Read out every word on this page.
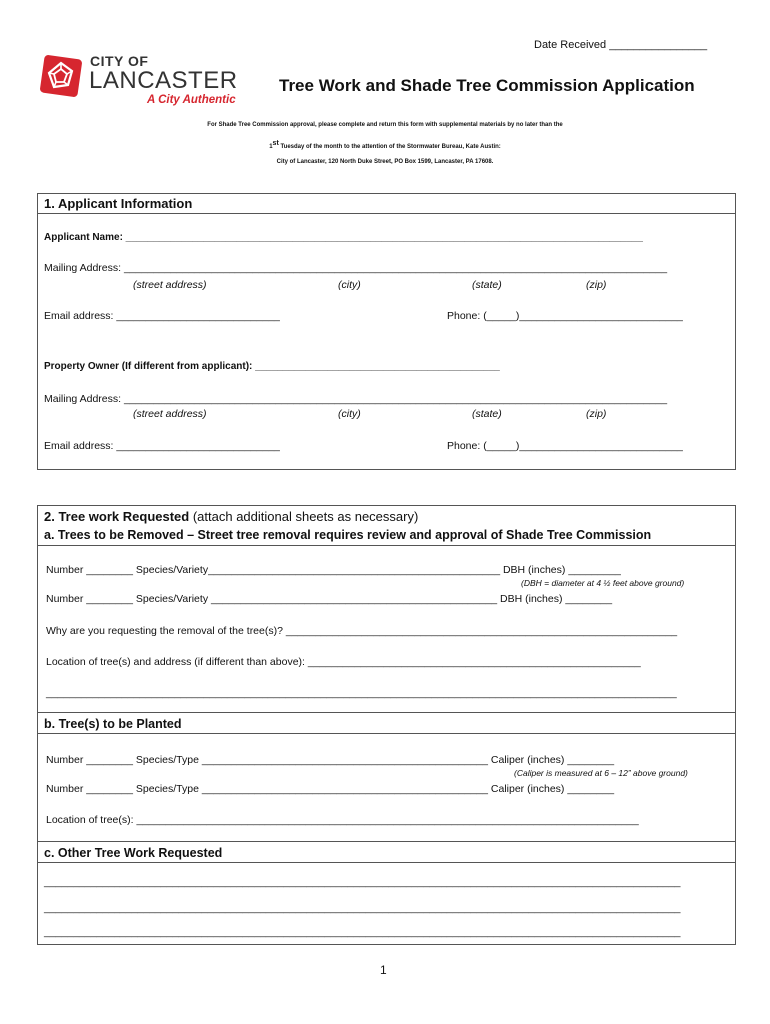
Date Received ________________
CITY OF
LANCASTER
A City Authentic
Tree Work and Shade Tree Commission Application
For Shade Tree Commission approval, please complete and return this form with supplemental materials by no later than the
1st Tuesday of the month to the attention of the Stormwater Bureau, Kate Austin:
City of Lancaster, 120 North Duke Street, PO Box 1599, Lancaster, PA 17608.
1. Applicant Information
Applicant Name: _____________________________________________________________________________________________
Mailing Address: _____________________________________________________________________________________________
(street address)	(city)	(state)	(zip)
Email address: ____________________________	Phone: (_____)____________________________
Property Owner (If different from applicant): ____________________________________________
Mailing Address: _____________________________________________________________________________________________
(street address)	(city)	(state)	(zip)
Email address: ____________________________	Phone: (_____)____________________________
2. Tree work Requested (attach additional sheets as necessary)
a. Trees to be Removed – Street tree removal requires review and approval of Shade Tree Commission
Number ________ Species/Variety__________________________________________________ DBH (inches) _________
(DBH = diameter at 4 ½ feet above ground)
Number ________ Species/Variety _________________________________________________ DBH (inches) ________
Why are you requesting the removal of the tree(s)? ___________________________________________________________________
Location of tree(s) and address (if different than above): _________________________________________________________
____________________________________________________________________________________________________________
b. Tree(s) to be Planted
Number ________ Species/Type _________________________________________________ Caliper (inches) ________
(Caliper is measured at 6 – 12” above ground)
Number ________ Species/Type _________________________________________________ Caliper (inches) ________
Location of tree(s): ______________________________________________________________________________________
c. Other Tree Work Requested
_____________________________________________________________________________________________________________
_____________________________________________________________________________________________________________
_____________________________________________________________________________________________________________
1
